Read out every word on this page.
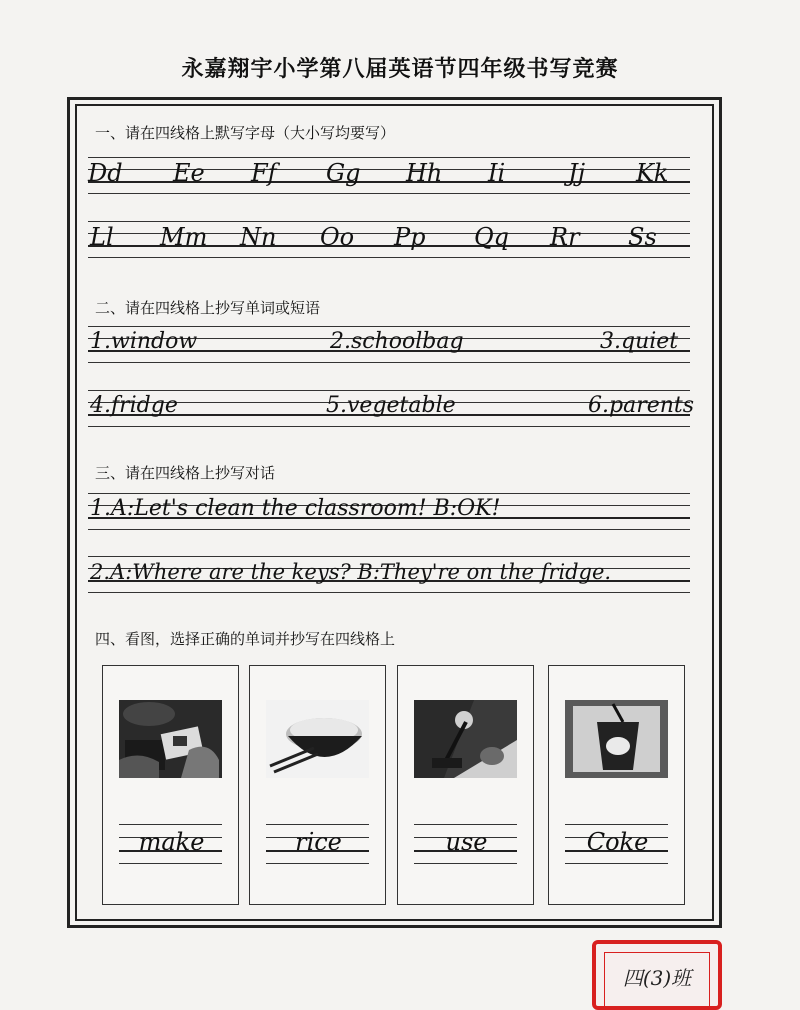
永嘉翔宇小学第八届英语节四年级书写竞赛
一、请在四线格上默写字母（大小写均要写）
Dd Ee Ff Gg Hh Ii	Jj Kk
Ll Mm Nn Oo Pp Qq Rr Ss
二、请在四线格上抄写单词或短语
1.window	2.schoolbag	3.quiet
4.fridge	5.vegetable	6.parents
三、请在四线格上抄写对话
1.A:Let's clean the classroom! B:OK!
2.A:Where are the keys? B:They're on the fridge.
四、看图，选择正确的单词并抄写在四线格上
make	rice	use	Coke
四(3)班
